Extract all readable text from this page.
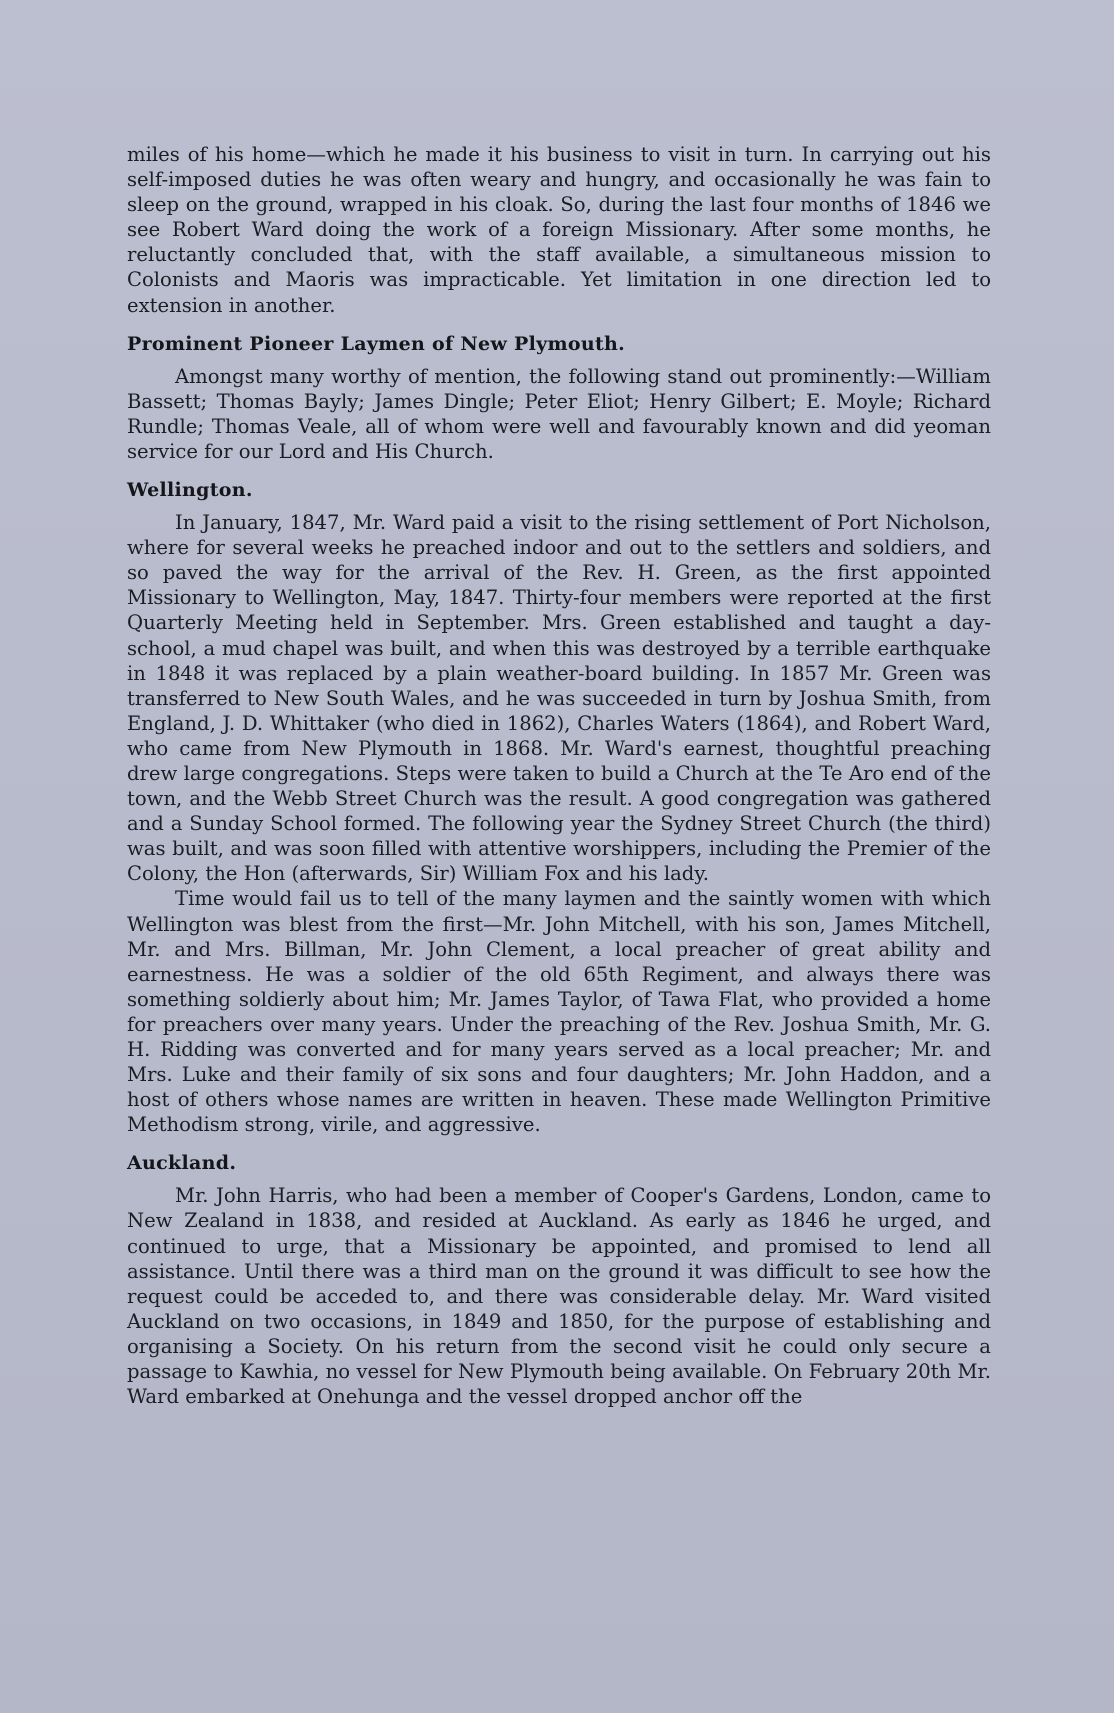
miles of his home—which he made it his business to visit in turn. In carrying out his self-imposed duties he was often weary and hungry, and occasionally he was fain to sleep on the ground, wrapped in his cloak. So, during the last four months of 1846 we see Robert Ward doing the work of a foreign Missionary. After some months, he reluctantly concluded that, with the staff available, a simultaneous mission to Colonists and Maoris was impracticable. Yet limitation in one direction led to extension in another.

Prominent Pioneer Laymen of New Plymouth.

Amongst many worthy of mention, the following stand out prominently:—William Bassett; Thomas Bayly; James Dingle; Peter Eliot; Henry Gilbert; E. Moyle; Richard Rundle; Thomas Veale, all of whom were well and favourably known and did yeoman service for our Lord and His Church.

Wellington.

In January, 1847, Mr. Ward paid a visit to the rising settlement of Port Nicholson, where for several weeks he preached indoor and out to the settlers and soldiers, and so paved the way for the arrival of the Rev. H. Green, as the first appointed Missionary to Wellington, May, 1847. Thirty-four members were reported at the first Quarterly Meeting held in September. Mrs. Green established and taught a day-school, a mud chapel was built, and when this was destroyed by a terrible earthquake in 1848 it was replaced by a plain weather-board building. In 1857 Mr. Green was transferred to New South Wales, and he was succeeded in turn by Joshua Smith, from England, J. D. Whittaker (who died in 1862), Charles Waters (1864), and Robert Ward, who came from New Plymouth in 1868. Mr. Ward's earnest, thoughtful preaching drew large congregations. Steps were taken to build a Church at the Te Aro end of the town, and the Webb Street Church was the result. A good congregation was gathered and a Sunday School formed. The following year the Sydney Street Church (the third) was built, and was soon filled with attentive worshippers, including the Premier of the Colony, the Hon (afterwards, Sir) William Fox and his lady.

Time would fail us to tell of the many laymen and the saintly women with which Wellington was blest from the first—Mr. John Mitchell, with his son, James Mitchell, Mr. and Mrs. Billman, Mr. John Clement, a local preacher of great ability and earnestness. He was a soldier of the old 65th Regiment, and always there was something soldierly about him; Mr. James Taylor, of Tawa Flat, who provided a home for preachers over many years. Under the preaching of the Rev. Joshua Smith, Mr. G. H. Ridding was converted and for many years served as a local preacher; Mr. and Mrs. Luke and their family of six sons and four daughters; Mr. John Haddon, and a host of others whose names are written in heaven. These made Wellington Primitive Methodism strong, virile, and aggressive.

Auckland.

Mr. John Harris, who had been a member of Cooper's Gardens, London, came to New Zealand in 1838, and resided at Auckland. As early as 1846 he urged, and continued to urge, that a Missionary be appointed, and promised to lend all assistance. Until there was a third man on the ground it was difficult to see how the request could be acceded to, and there was considerable delay. Mr. Ward visited Auckland on two occasions, in 1849 and 1850, for the purpose of establishing and organising a Society. On his return from the second visit he could only secure a passage to Kawhia, no vessel for New Plymouth being available. On February 20th Mr. Ward embarked at Onehunga and the vessel dropped anchor off the
